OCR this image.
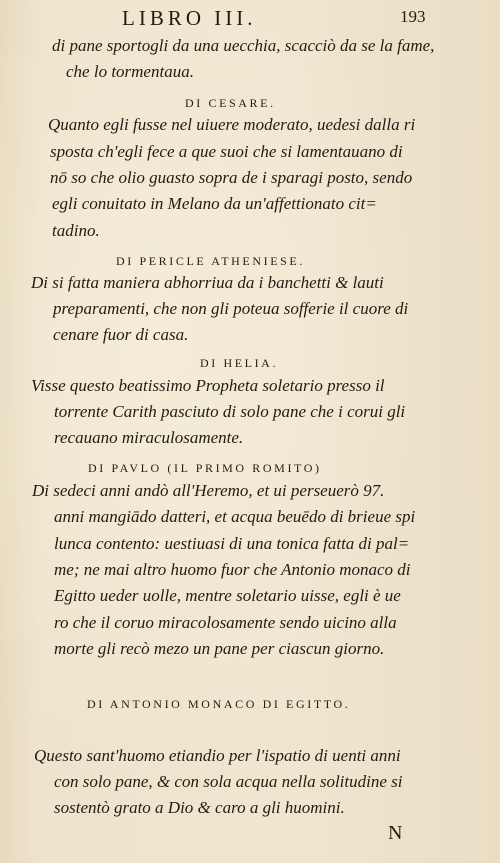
LIBRO III.	193
di pane sportogli da una uecchia, scacciò da se la fame,
che lo tormentaua.
DI CESARE.
Quanto egli fusse nel uiuere moderato, uedesi dalla ri
sposta ch'egli fece a que suoi che si lamentauano di
nō so che olio guasto sopra de i sparagi posto, sendo
egli conuitato in Melano da un'affettionato cit=
tadino.
DI PERICLE ATHENIESE.
Di si fatta maniera abhorriua da i banchetti & lauti
preparamenti, che non gli poteua sofferie il cuore di
cenare fuor di casa.
DI HELIA.
Visse questo beatissimo Propheta soletario presso il
torrente Carith pasciuto di solo pane che i corui gli
recauano miraculosamente.
DI PAVLO (IL PRIMO ROMITO)
Di sedeci anni andò all'Heremo, et ui perseuerò 97.
anni mangiādo datteri, et acqua beuēdo di brieue spi
lunca contento: uestiuasi di una tonica fatta di pal=
me; ne mai altro huomo fuor che Antonio monaco di
Egitto ueder uolle, mentre soletario uisse, egli è ue
ro che il coruo miracolosamente sendo uicino alla
morte gli recò mezo un pane per ciascun giorno.
DI ANTONIO MONACO DI EGITTO.
Questo sant'huomo etiandio per l'ispatio di uenti anni
con solo pane, & con sola acqua nella solitudine si
sostentò grato a Dio & caro a gli huomini.
N
